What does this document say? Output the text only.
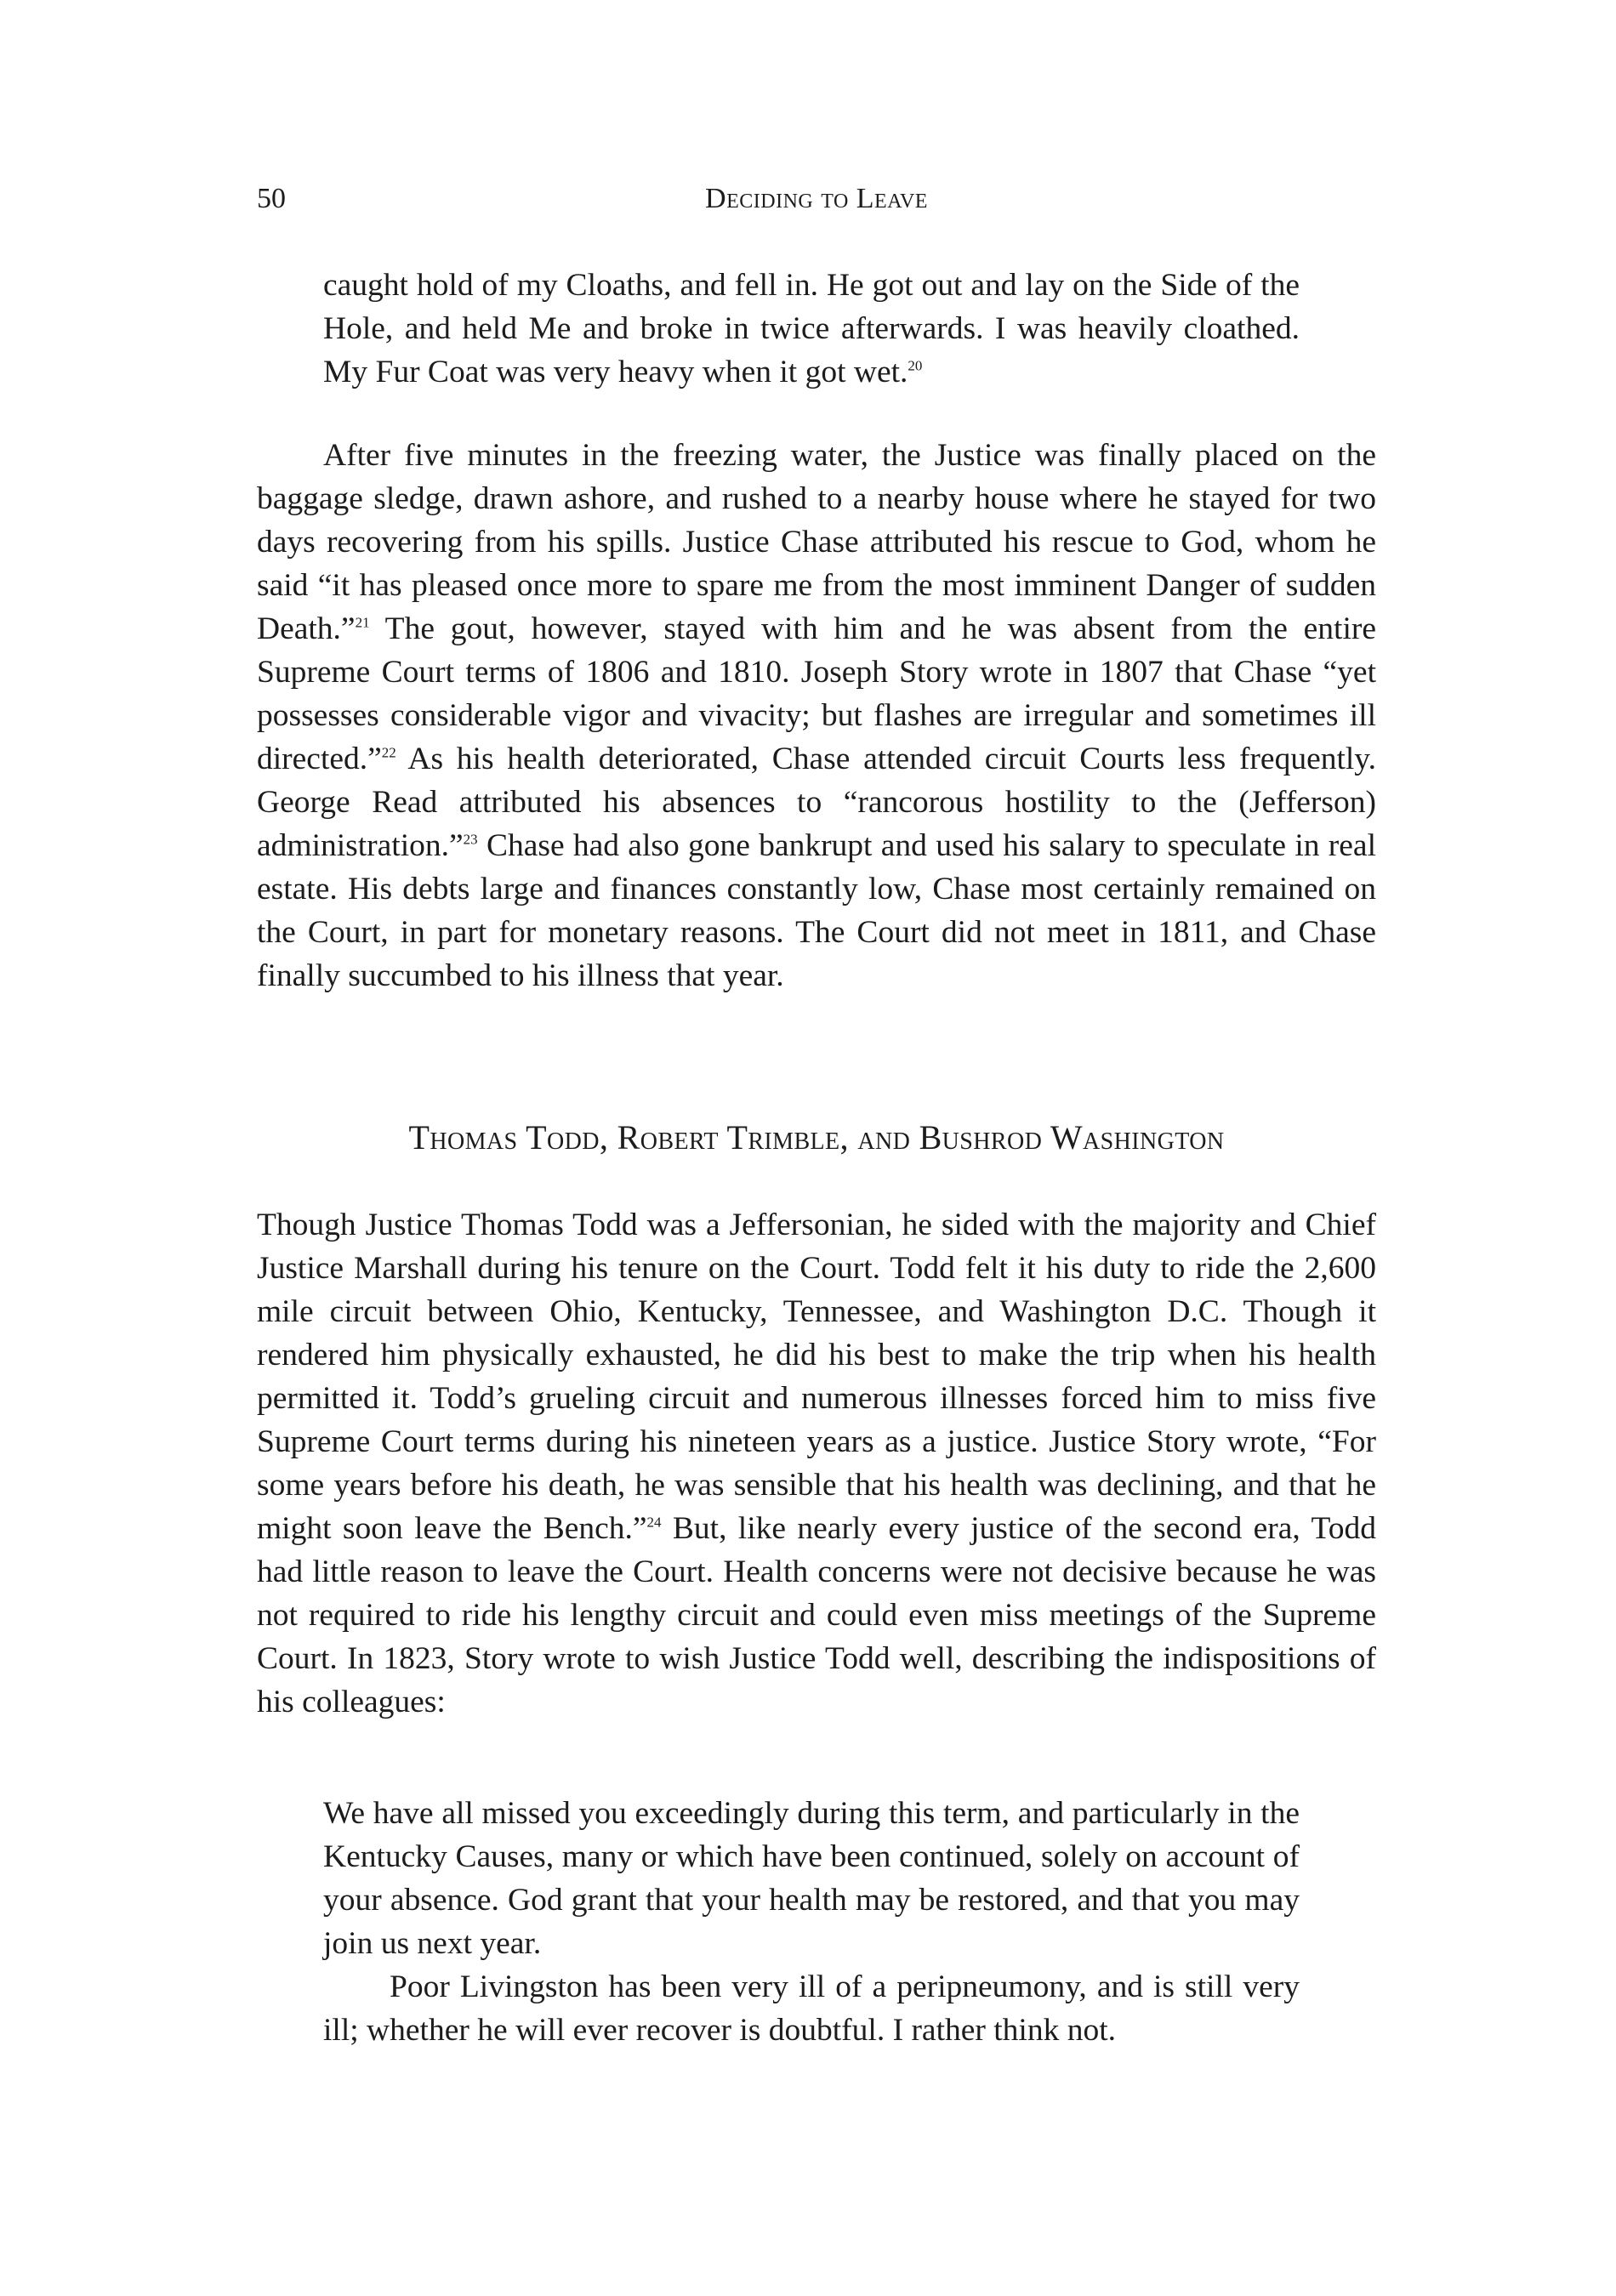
50	Deciding to Leave
caught hold of my Cloaths, and fell in. He got out and lay on the Side of the Hole, and held Me and broke in twice afterwards. I was heavily cloathed. My Fur Coat was very heavy when it got wet.$^{20}$
After five minutes in the freezing water, the Justice was finally placed on the baggage sledge, drawn ashore, and rushed to a nearby house where he stayed for two days recovering from his spills. Justice Chase attributed his rescue to God, whom he said “it has pleased once more to spare me from the most imminent Danger of sudden Death.”$^{21}$ The gout, however, stayed with him and he was absent from the entire Supreme Court terms of 1806 and 1810. Joseph Story wrote in 1807 that Chase “yet possesses considerable vigor and vivacity; but flashes are irregular and sometimes ill directed.”$^{22}$ As his health deteriorated, Chase attended circuit Courts less frequently. George Read attributed his absences to “rancorous hostility to the (Jefferson) administration.”$^{23}$ Chase had also gone bankrupt and used his salary to speculate in real estate. His debts large and finances constantly low, Chase most certainly remained on the Court, in part for monetary reasons. The Court did not meet in 1811, and Chase finally succumbed to his illness that year.
Thomas Todd, Robert Trimble, and Bushrod Washington
Though Justice Thomas Todd was a Jeffersonian, he sided with the majority and Chief Justice Marshall during his tenure on the Court. Todd felt it his duty to ride the 2,600 mile circuit between Ohio, Kentucky, Tennessee, and Washington D.C. Though it rendered him physically exhausted, he did his best to make the trip when his health permitted it. Todd’s grueling circuit and numerous illnesses forced him to miss five Supreme Court terms during his nineteen years as a justice. Justice Story wrote, “For some years before his death, he was sensible that his health was declining, and that he might soon leave the Bench.”$^{24}$ But, like nearly every justice of the second era, Todd had little reason to leave the Court. Health concerns were not decisive because he was not required to ride his lengthy circuit and could even miss meetings of the Supreme Court. In 1823, Story wrote to wish Justice Todd well, describing the indispositions of his colleagues:

We have all missed you exceedingly during this term, and particularly in the Kentucky Causes, many or which have been continued, solely on account of your absence. God grant that your health may be restored, and that you may join us next year.

Poor Livingston has been very ill of a peripneumony, and is still very ill; whether he will ever recover is doubtful. I rather think not.
